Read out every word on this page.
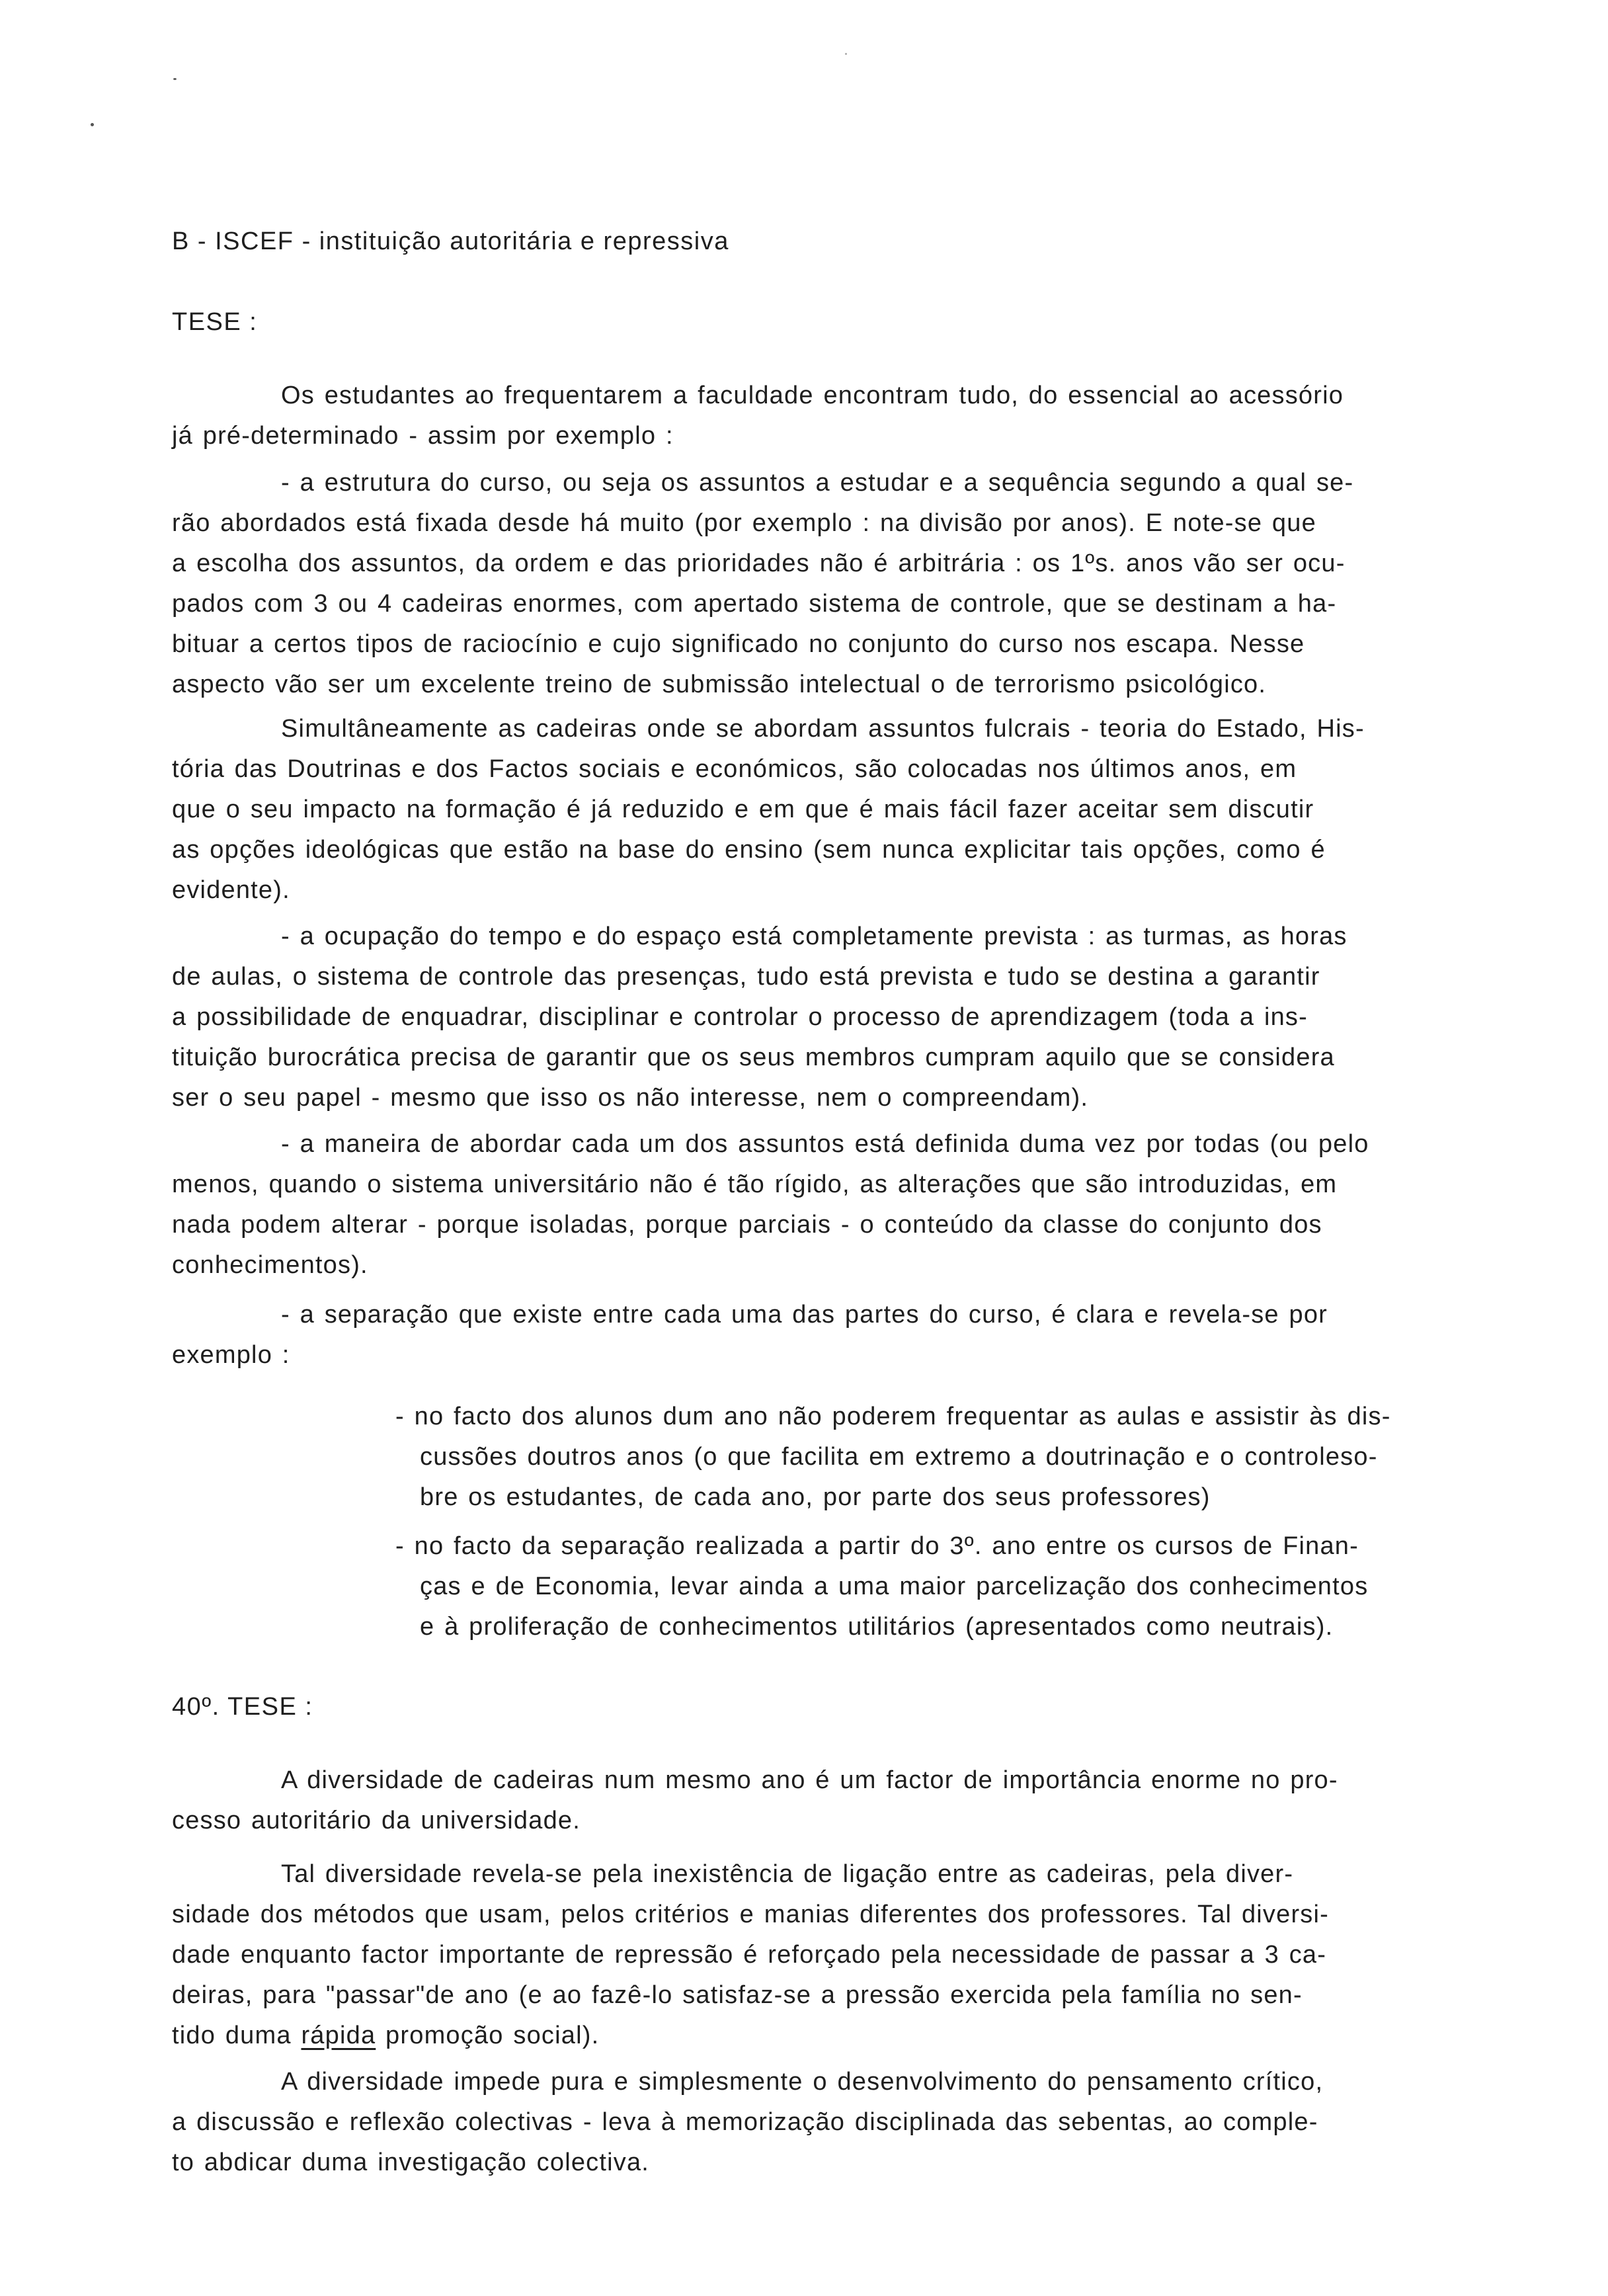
B - ISCEF - instituição autoritária e repressiva
TESE :
Os estudantes ao frequentarem a faculdade encontram tudo, do essencial ao acessório
já pré-determinado - assim por exemplo :
- a estrutura do curso, ou seja os assuntos a estudar e a sequência segundo a qual se-
rão abordados está fixada desde há muito (por exemplo : na divisão por anos). E note-se que
a escolha dos assuntos, da ordem e das prioridades não é arbitrária : os 1ºs. anos vão ser ocu-
pados com 3 ou 4 cadeiras enormes, com apertado sistema de controle, que se destinam a ha-
bituar a certos tipos de raciocínio e cujo significado no conjunto do curso nos escapa. Nesse
aspecto vão ser um excelente treino de submissão intelectual o de terrorismo psicológico.
Simultâneamente as cadeiras onde se abordam assuntos fulcrais - teoria do Estado, His-
tória das Doutrinas e dos Factos sociais e económicos, são colocadas nos últimos anos, em
que o seu impacto na formação é já reduzido e em que é mais fácil fazer aceitar sem discutir
as opções ideológicas que estão na base do ensino (sem nunca explicitar tais opções, como é
evidente).
- a ocupação do tempo e do espaço está completamente prevista : as turmas, as horas
de aulas, o sistema de controle das presenças, tudo está prevista e tudo se destina a garantir
a possibilidade de enquadrar, disciplinar e controlar o processo de aprendizagem (toda a ins-
tituição burocrática precisa de garantir que os seus membros cumpram aquilo que se considera
ser o seu papel - mesmo que isso os não interesse, nem o compreendam).
- a maneira de abordar cada um dos assuntos está definida duma vez por todas (ou pelo
menos, quando o sistema universitário não é tão rígido, as alterações que são introduzidas, em
nada podem alterar - porque isoladas, porque parciais - o conteúdo da classe do conjunto dos
conhecimentos).
- a separação que existe entre cada uma das partes do curso, é clara e revela-se por
exemplo :
- no facto dos alunos dum ano não poderem frequentar as aulas e assistir às dis-
cussões doutros anos (o que facilita em extremo a doutrinação e o controleso-
bre os estudantes, de cada ano, por parte dos seus professores)
- no facto da separação realizada a partir do 3º. ano entre os cursos de Finan-
ças e de Economia, levar ainda a uma maior parcelização dos conhecimentos
e à proliferação de conhecimentos utilitários (apresentados como neutrais).
40º. TESE :
A diversidade de cadeiras num mesmo ano é um factor de importância enorme no pro-
cesso autoritário da universidade.
Tal diversidade revela-se pela inexistência de ligação entre as cadeiras, pela diver-
sidade dos métodos que usam, pelos critérios e manias diferentes dos professores. Tal diversi-
dade enquanto factor importante de repressão é reforçado pela necessidade de passar a 3 ca-
deiras, para "passar"de ano (e ao fazê-lo satisfaz-se a pressão exercida pela família no sen-
tido duma rápida promoção social).
A diversidade impede pura e simplesmente o desenvolvimento do pensamento crítico,
a discussão e reflexão colectivas - leva à memorização disciplinada das sebentas, ao comple-
to abdicar duma investigação colectiva.
